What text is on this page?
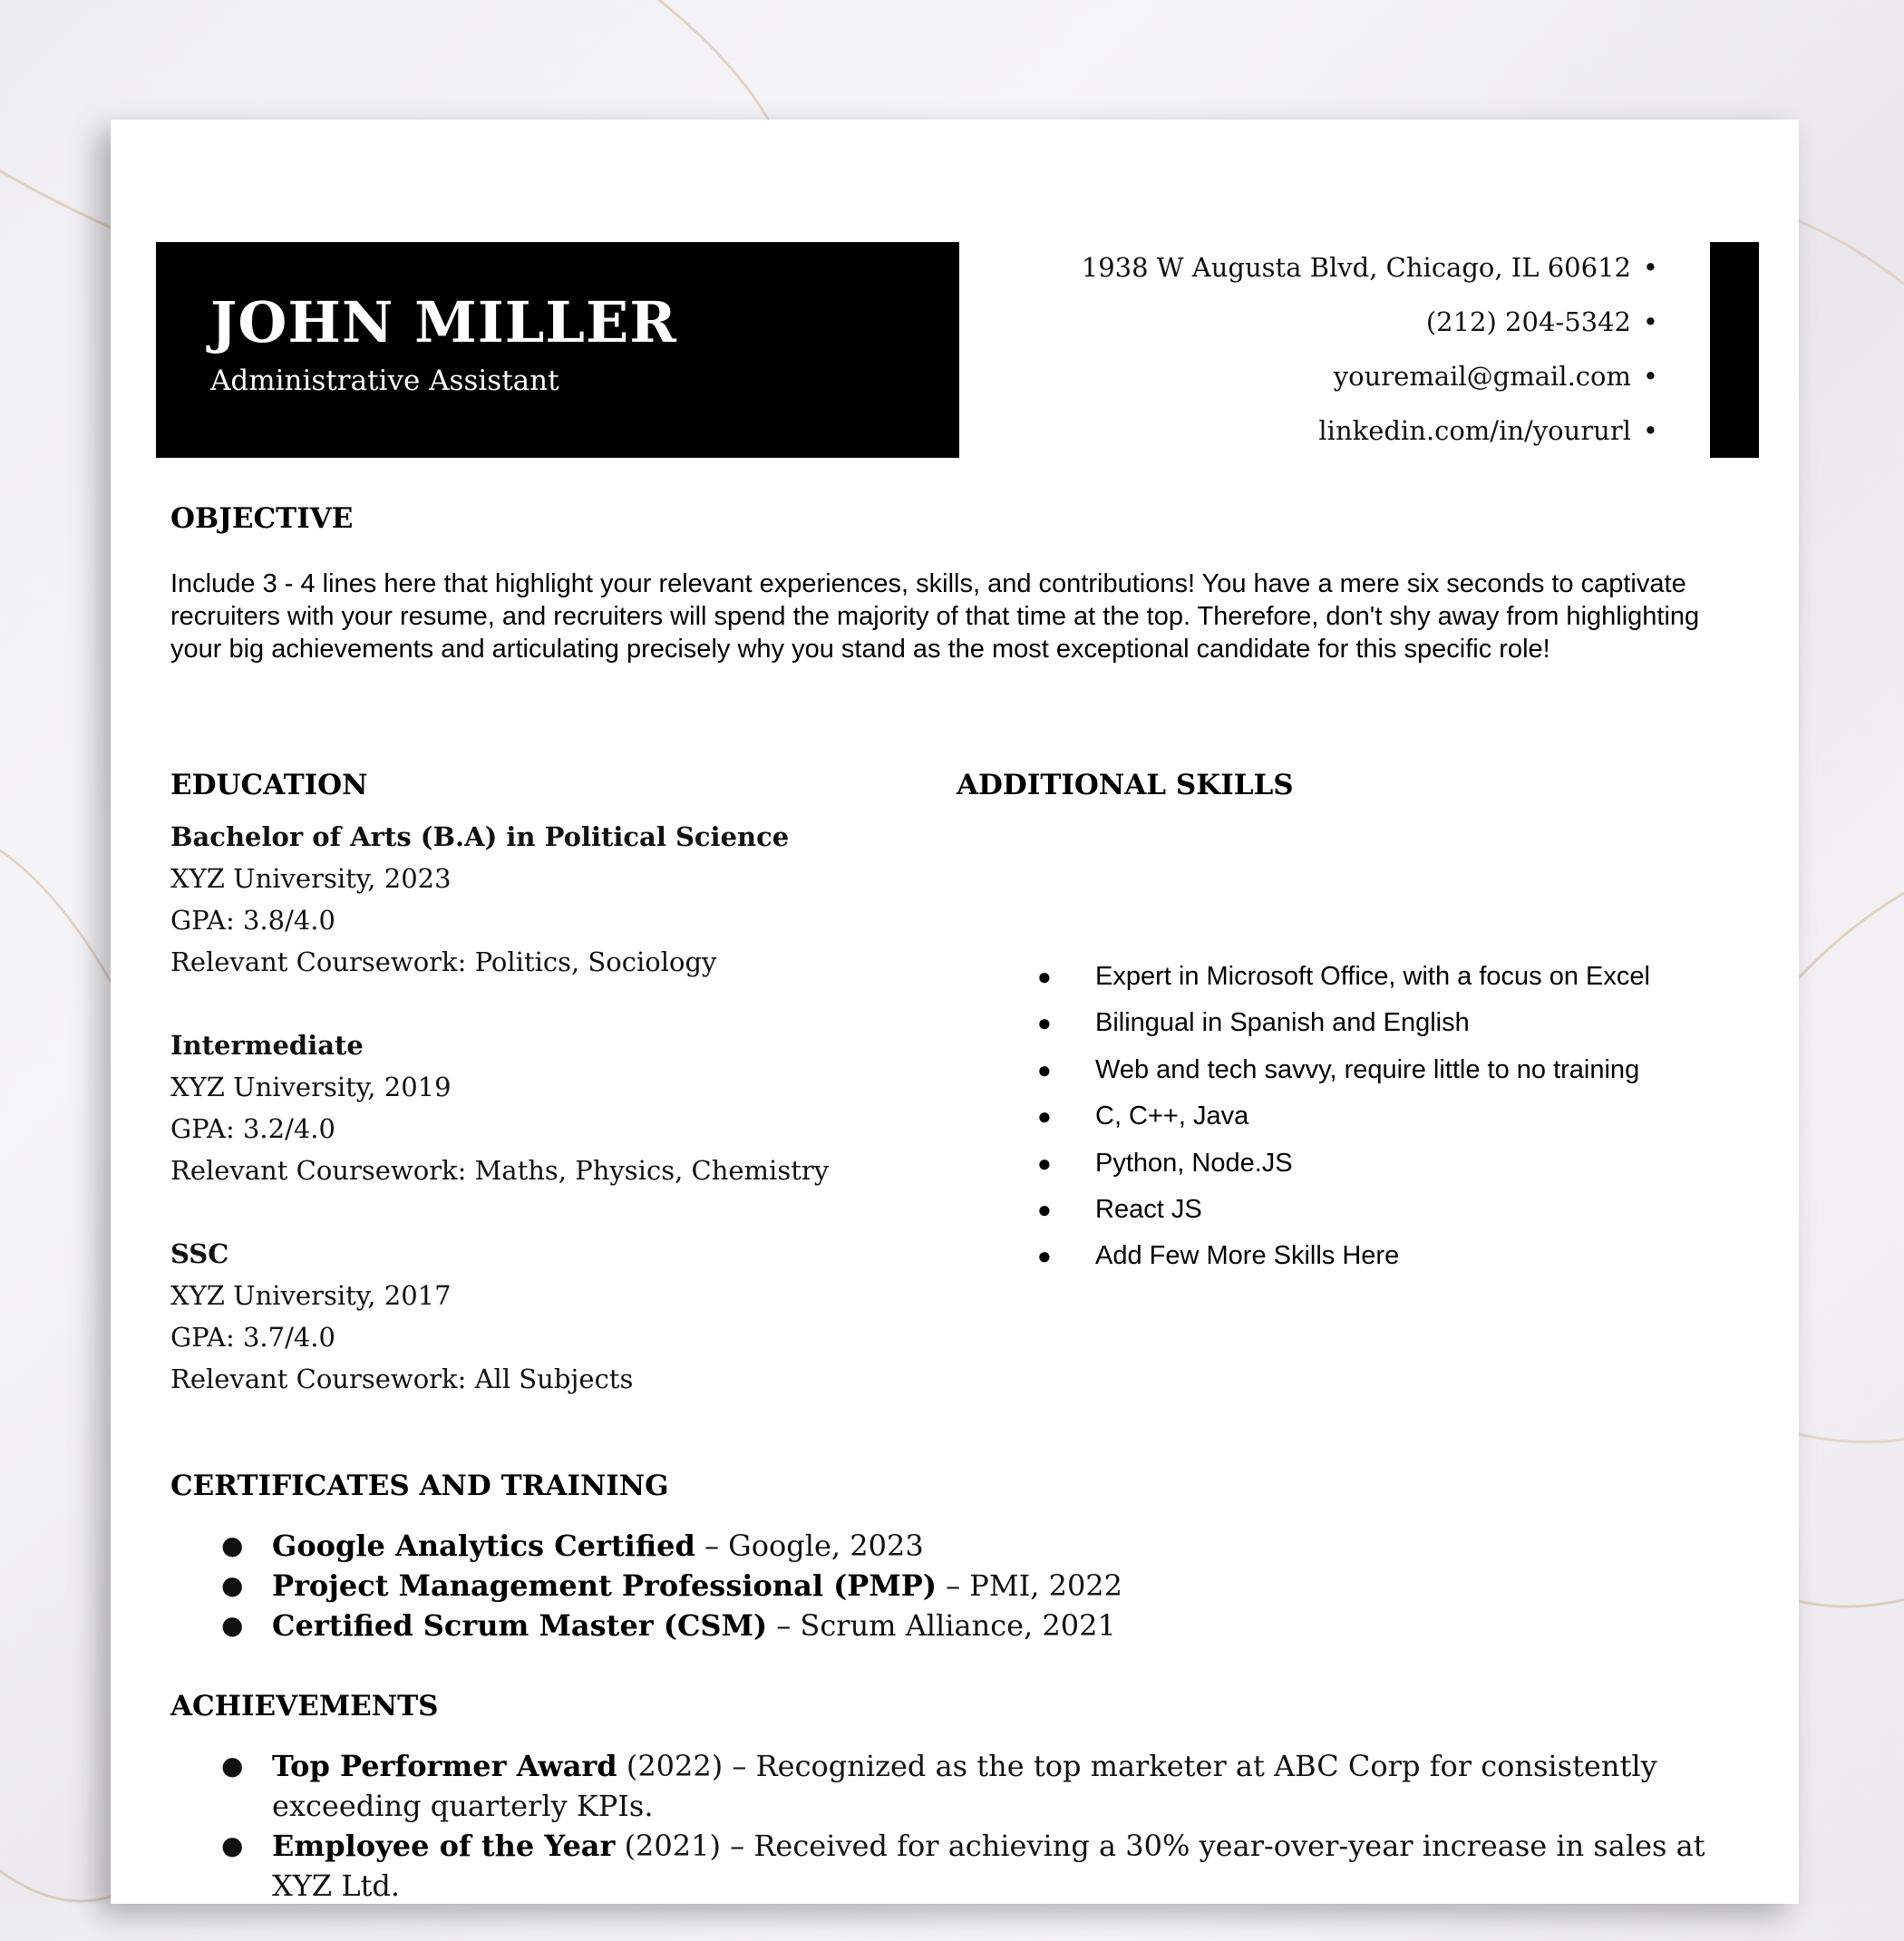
JOHN MILLER
Administrative Assistant
1938 W Augusta Blvd, Chicago, IL 60612 •
(212) 204-5342 •
youremail@gmail.com •
linkedin.com/in/yoururl •
OBJECTIVE
Include 3 - 4 lines here that highlight your relevant experiences, skills, and contributions! You have a mere six seconds to captivate recruiters with your resume, and recruiters will spend the majority of that time at the top. Therefore, don't shy away from highlighting your big achievements and articulating precisely why you stand as the most exceptional candidate for this specific role!
EDUCATION
Bachelor of Arts (B.A) in Political Science
XYZ University, 2023
GPA: 3.8/4.0
Relevant Coursework: Politics, Sociology
Intermediate
XYZ University, 2019
GPA: 3.2/4.0
Relevant Coursework: Maths, Physics, Chemistry
SSC
XYZ University, 2017
GPA: 3.7/4.0
Relevant Coursework: All Subjects
ADDITIONAL SKILLS
● Expert in Microsoft Office, with a focus on Excel
● Bilingual in Spanish and English
● Web and tech savvy, require little to no training
● C, C++, Java
● Python, Node.JS
● React JS
● Add Few More Skills Here
CERTIFICATES AND TRAINING
● Google Analytics Certified – Google, 2023
● Project Management Professional (PMP) – PMI, 2022
● Certified Scrum Master (CSM) – Scrum Alliance, 2021
ACHIEVEMENTS
● Top Performer Award (2022) – Recognized as the top marketer at ABC Corp for consistently exceeding quarterly KPIs.
● Employee of the Year (2021) – Received for achieving a 30% year-over-year increase in sales at XYZ Ltd.
